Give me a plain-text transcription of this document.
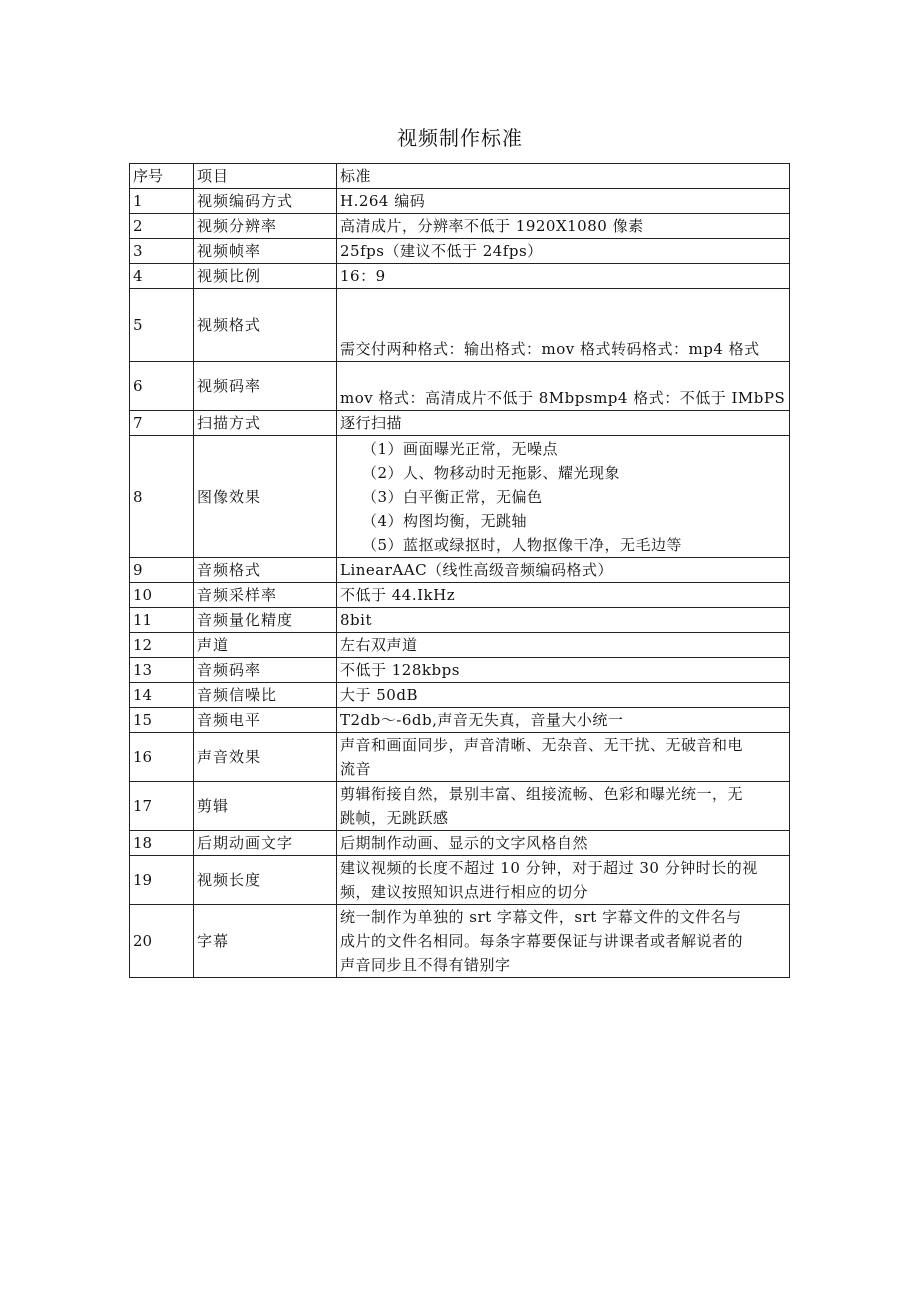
视频制作标准
序号	项目	标准
1	视频编码方式	H.264 编码

2	视频分辨率	高清成片，分辨率不低于 1920X1080 像素

3	视频帧率	25fps（建议不低于 24fps）

4	视频比例	16：9

5	视频格式	需交付两种格式：输出格式：mov 格式转码格式：mp4 格式

6	视频码率	mov 格式：高清成片不低于 8Mbpsmp4 格式：不低于 IMbPS

7	扫描方式	逐行扫描

8	图像效果	（1）画面曝光正常，无噪点
（2）人、物移动时无拖影、耀光现象
（3）白平衡正常，无偏色
（4）构图均衡，无跳轴
（5）蓝抠或绿抠时，人物抠像干净，无毛边等

9	音频格式	LinearAAC（线性高级音频编码格式）

10	音频采样率	不低于 44.IkHz

11	音频量化精度	8bit

12	声道	左右双声道

13	音频码率	不低于 128kbps

14	音频信噪比	大于 50dB

15	音频电平	T2db～-6db,声音无失真，音量大小统一

16	声音效果	声音和画面同步，声音清晰、无杂音、无干扰、无破音和电
流音

17	剪辑	剪辑衔接自然，景别丰富、组接流畅、色彩和曝光统一，无
跳帧，无跳跃感

18	后期动画文字	后期制作动画、显示的文字风格自然

19	视频长度	建议视频的长度不超过 10 分钟，对于超过 30 分钟时长的视
频，建议按照知识点进行相应的切分

20	字幕	统一制作为单独的 srt 字幕文件，srt 字幕文件的文件名与
成片的文件名相同。每条字幕要保证与讲课者或者解说者的
声音同步且不得有错别字
